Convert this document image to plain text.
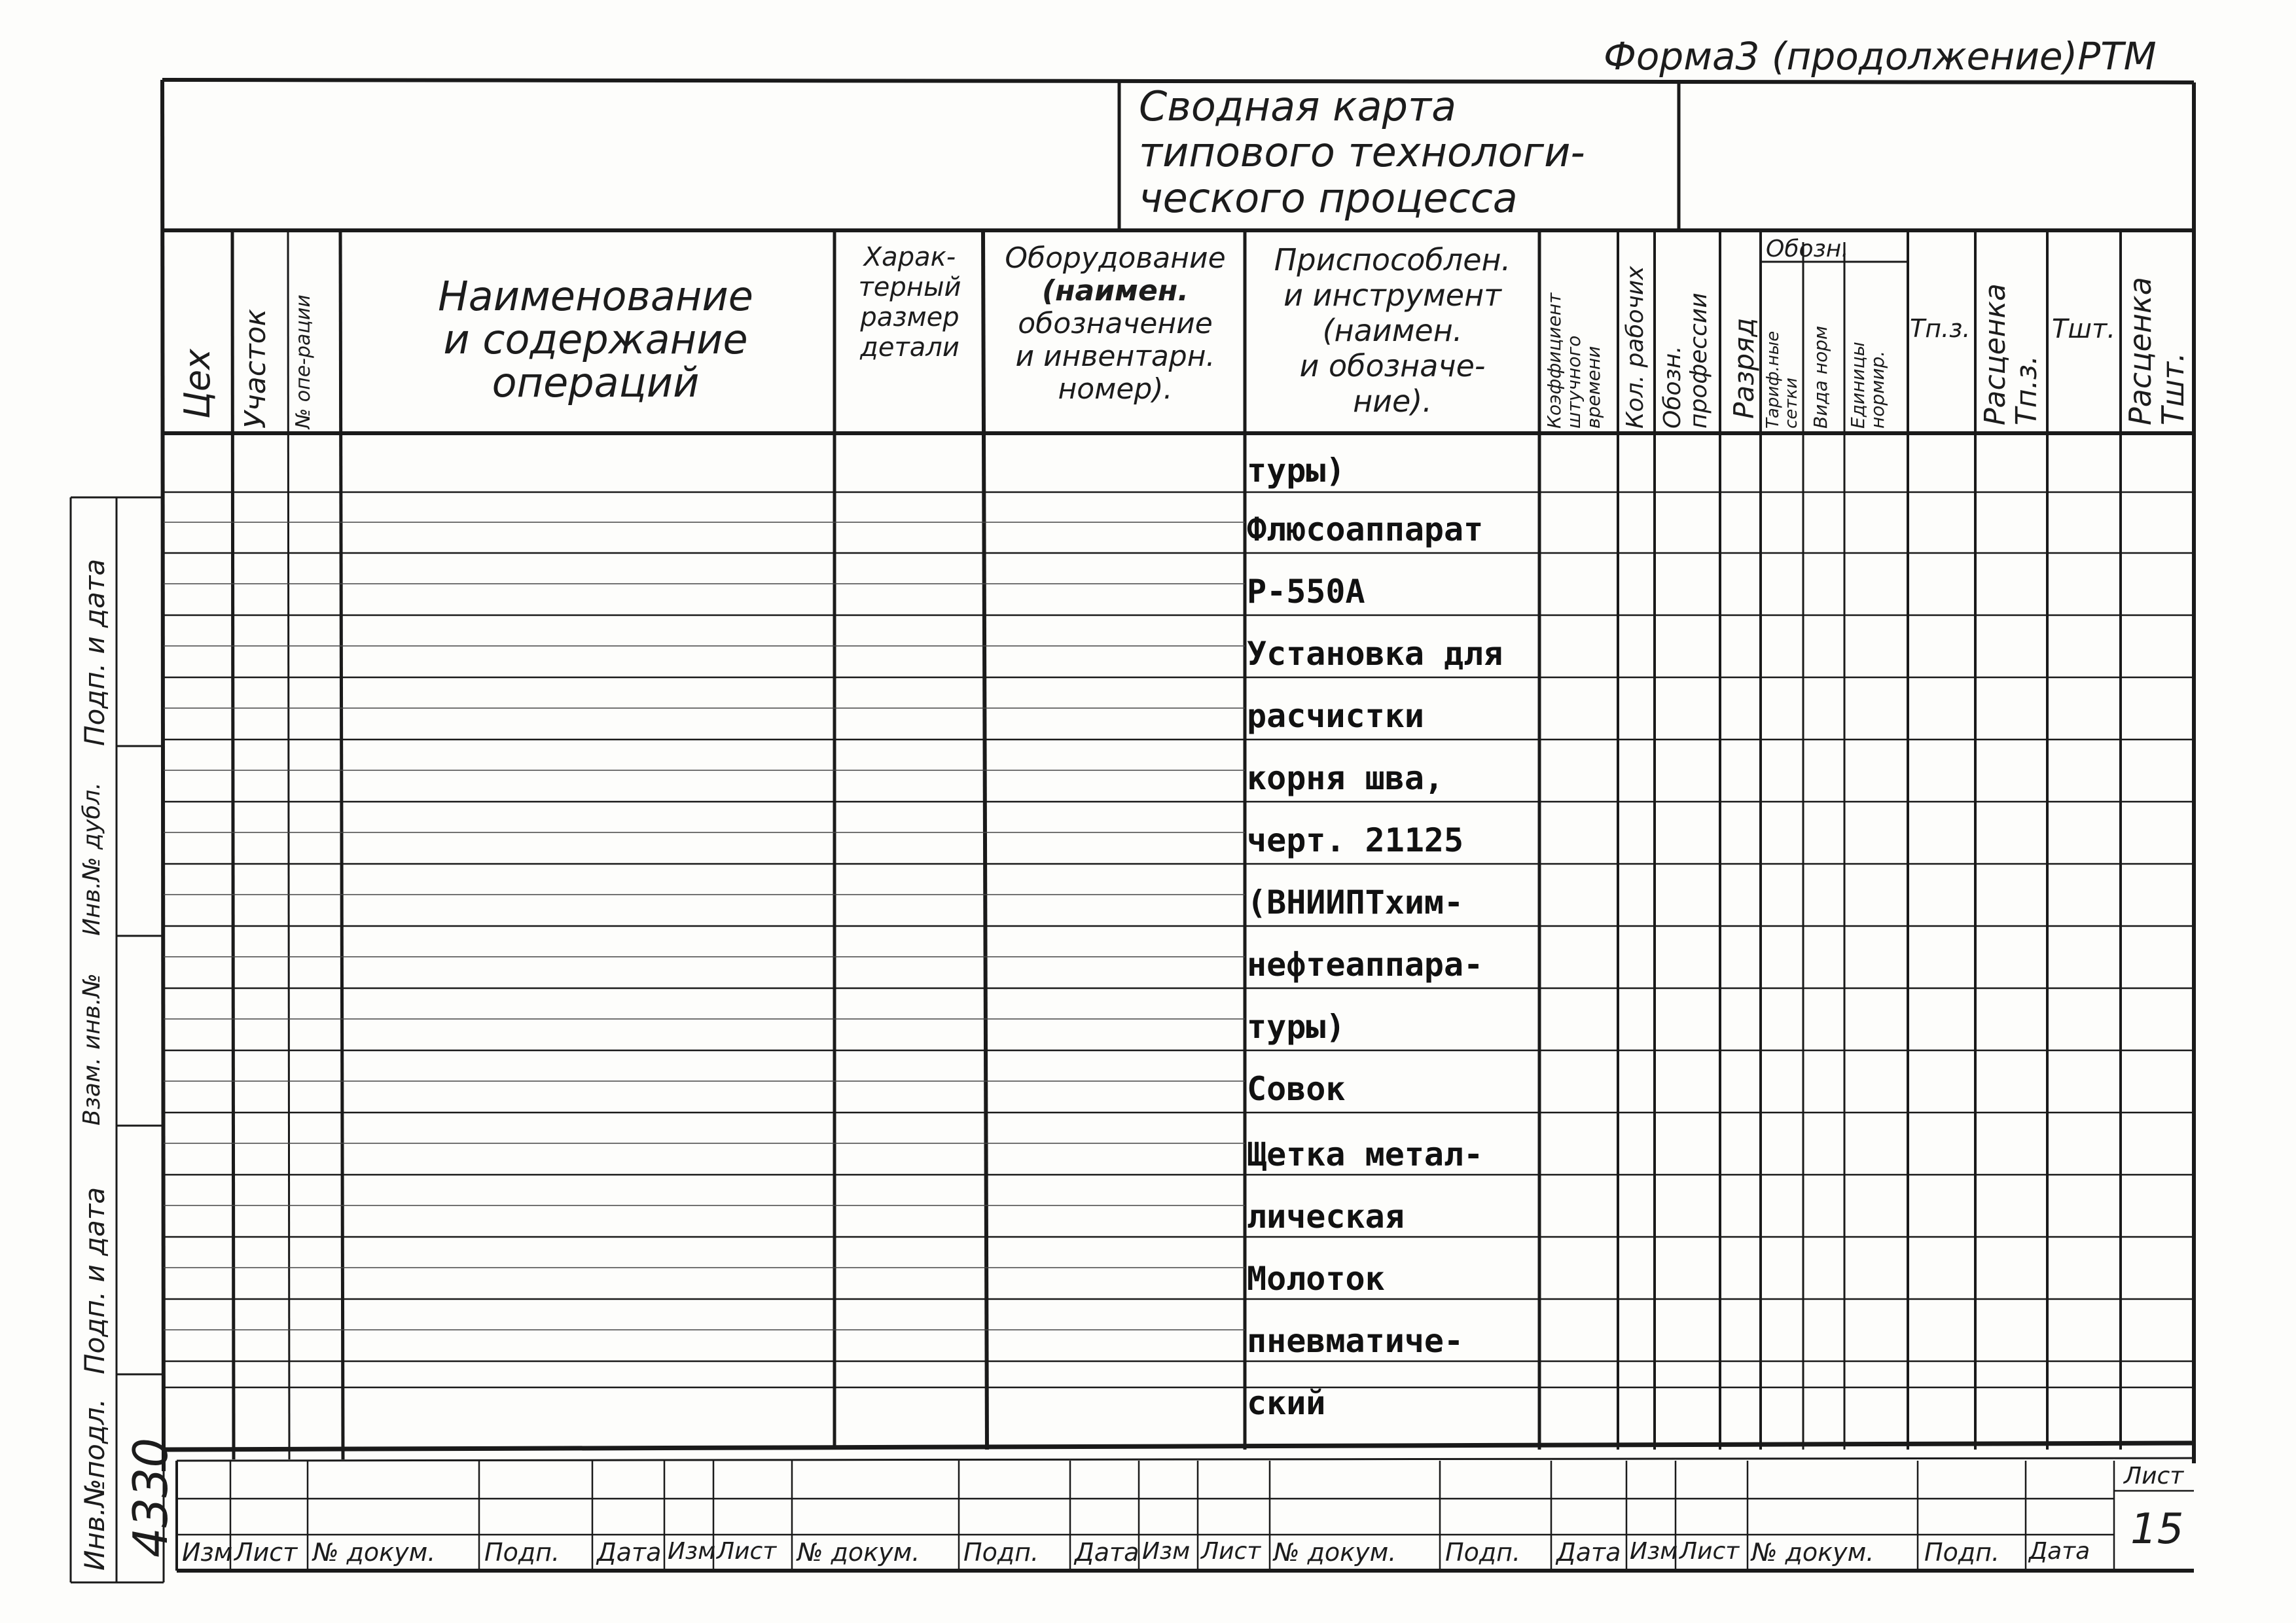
Форма3 (продолжение)РТМ
Сводная карта
типового технологи-
ческого процесса
Цех Участок № опе-рации	Наименование
и содержание
операций
Харак-
терный
размер
детали
Оборудование
(наимен.
обозначение
и инвентарн.
номер).
Приспособлен.
и инструмент
(наимен.
и обозначе-
ние).	Коэффициент
штучного
времени Кол. рабочих Обозн. профессии Разряд
Обозн.
Тариф.ные
сетки Вида норм Единицы
нормир.
Тп.з. Расценка
Тп.з.
Тшт. Расценка
Тшт.
туры)
Флюсоаппарат
Р-550А
Установка для
расчистки
корня шва,
черт. 21125
(ВНИИПТхим-
нефтеаппара-
туры)
Совок
Щетка метал-
лическая
Молоток
пневматиче-
ский
Инв.№подл.
Подп. и дата
Взам. инв.№
Инв.№ дубл.
Подп. и дата
4330 Изм Лист № докум. Подп. Дата Изм Лист № докум. Подп. Дата Изм Лист № докум. Подп. Дата Изм Лист № докум. Подп. Дата
Лист
15
